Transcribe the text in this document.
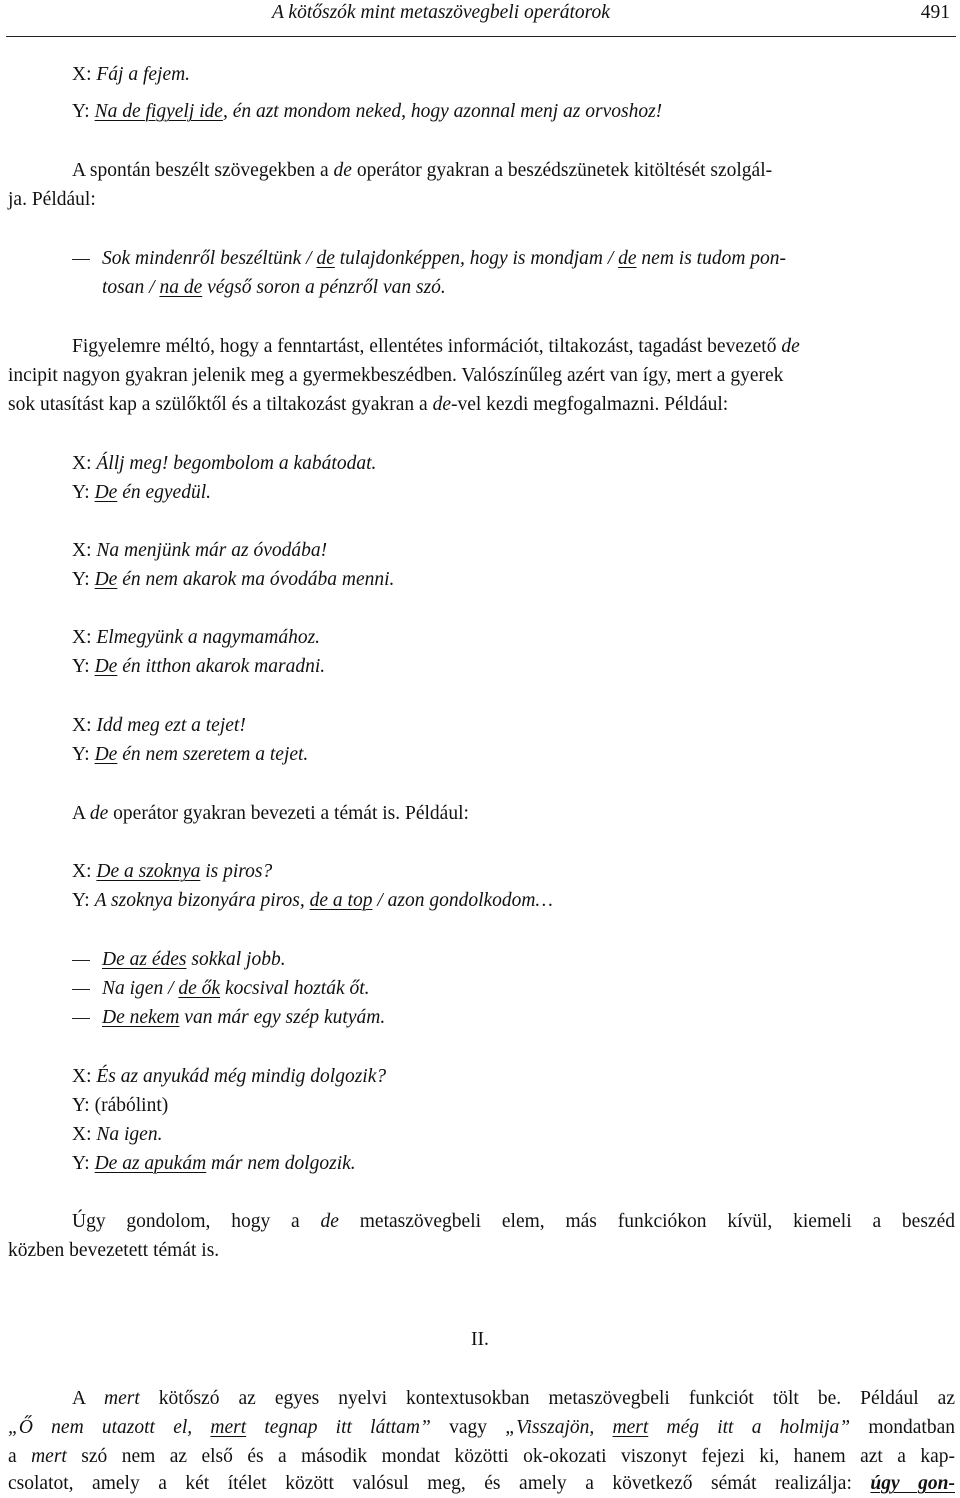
A kötőszók mint metaszövegbeli operátorok	491
X: Fáj a fejem.
Y: Na de figyelj ide, én azt mondom neked, hogy azonnal menj az orvoshoz!
A spontán beszélt szövegekben a de operátor gyakran a beszédszünetek kitöltését szolgál-
ja. Például:
Sok mindenről beszéltünk / de tulajdonképpen, hogy is mondjam / de nem is tudom pon-
tosan / na de végső soron a pénzről van szó.
Figyelemre méltó, hogy a fenntartást, ellentétes információt, tiltakozást, tagadást bevezető de
incipit nagyon gyakran jelenik meg a gyermekbeszédben. Valószínűleg azért van így, mert a gyerek
sok utasítást kap a szülőktől és a tiltakozást gyakran a de-vel kezdi megfogalmazni. Például:
X: Állj meg! begombolom a kabátodat.
Y: De én egyedül.
X: Na menjünk már az óvodába!
Y: De én nem akarok ma óvodába menni.
X: Elmegyünk a nagymamához.
Y: De én itthon akarok maradni.
X: Idd meg ezt a tejet!
Y: De én nem szeretem a tejet.
A de operátor gyakran bevezeti a témát is. Például:
X: De a szoknya is piros?
Y: A szoknya bizonyára piros, de a top / azon gondolkodom…
De az édes sokkal jobb.
Na igen / de ők kocsival hozták őt.
De nekem van már egy szép kutyám.
X: És az anyukád még mindig dolgozik?
Y: (rábólint)
X: Na igen.
Y: De az apukám már nem dolgozik.
Úgy gondolom, hogy a de metaszövegbeli elem, más funkciókon kívül, kiemeli a beszéd
közben bevezetett témát is.
II.
A mert kötőszó az egyes nyelvi kontextusokban metaszövegbeli funkciót tölt be. Például az
„Ő nem utazott el, mert tegnap itt láttam” vagy „Visszajön, mert még itt a holmija” mondatban
a mert szó nem az első és a második mondat közötti ok-okozati viszonyt fejezi ki, hanem azt a kap-
csolatot, amely a két ítélet között valósul meg, és amely a következő sémát realizálja: úgy gon-
